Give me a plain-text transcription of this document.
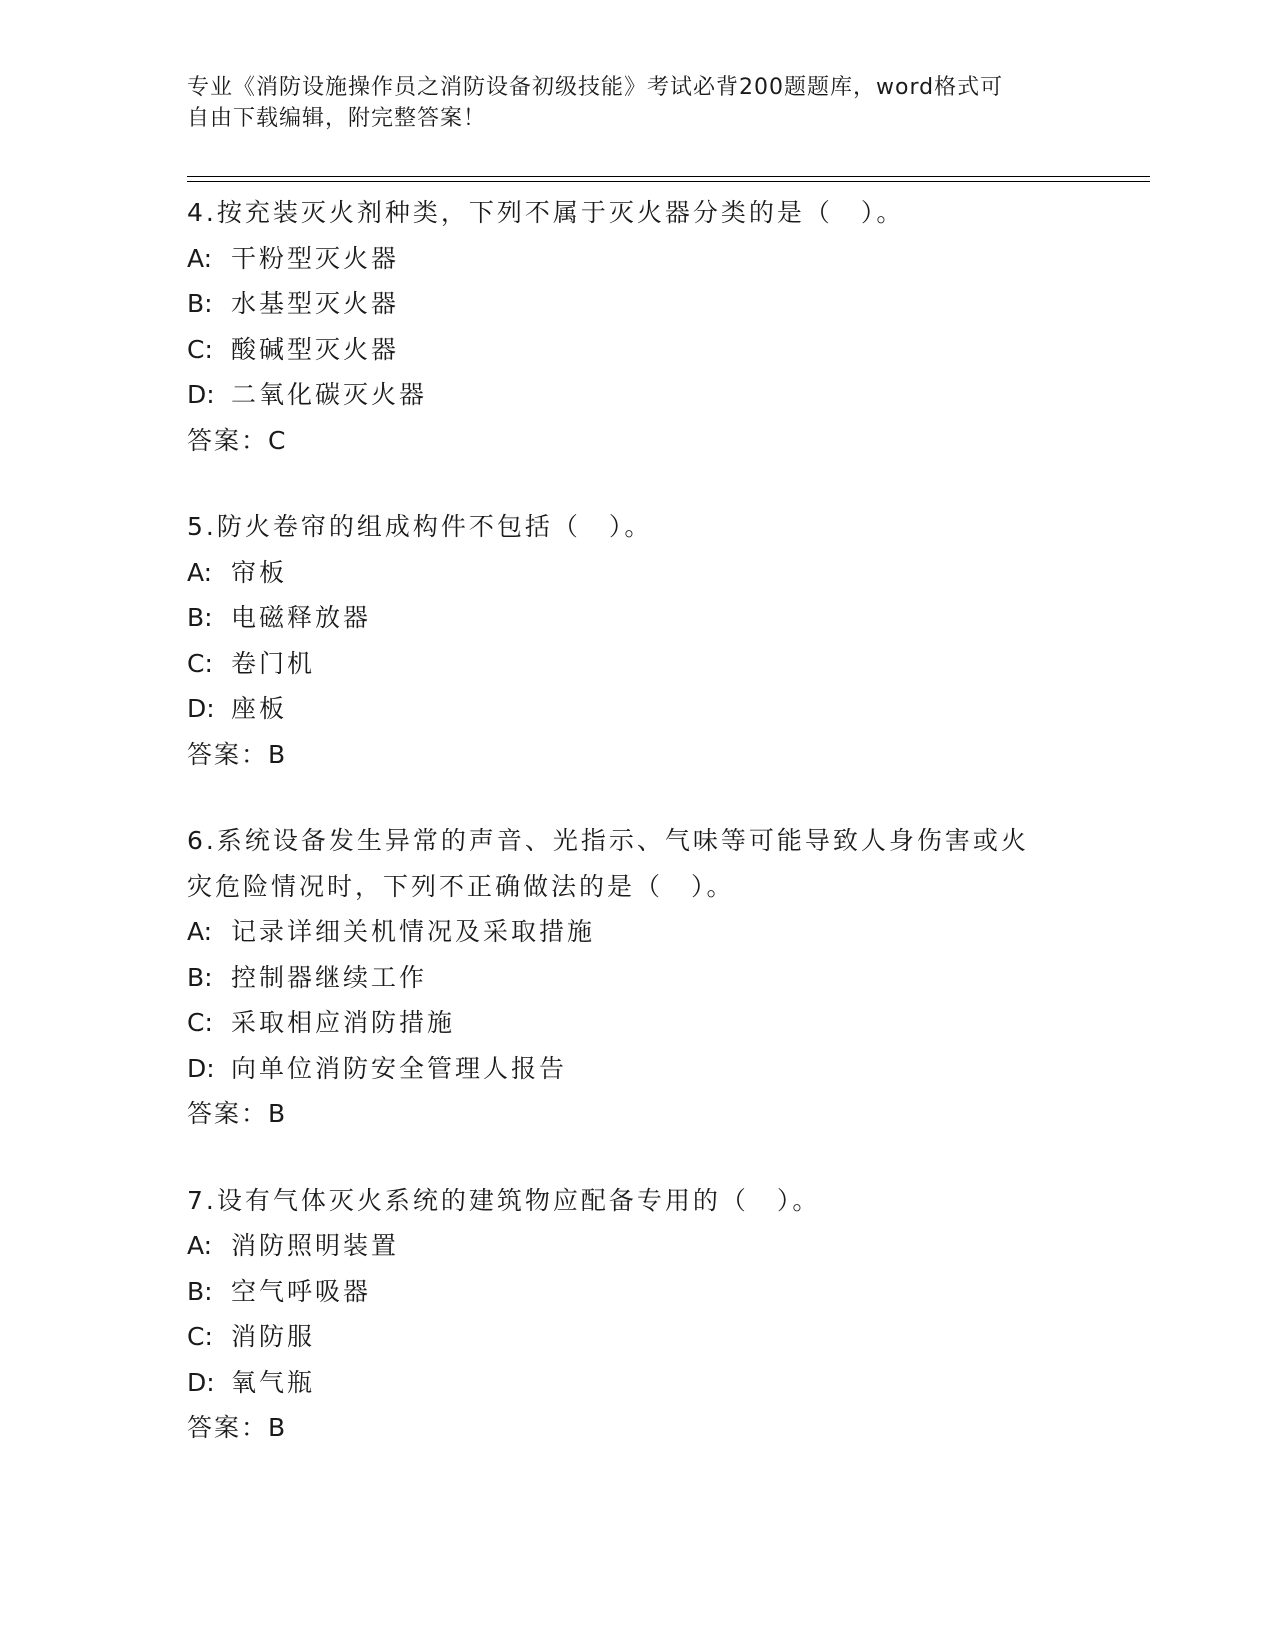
专业《消防设施操作员之消防设备初级技能》考试必背200题题库，word格式可
自由下载编辑，附完整答案！
4.按充装灭火剂种类，下列不属于灭火器分类的是（　）。
A: 干粉型灭火器
B: 水基型灭火器
C: 酸碱型灭火器
D: 二氧化碳灭火器
答案：C
5.防火卷帘的组成构件不包括（　）。
A: 帘板
B: 电磁释放器
C: 卷门机
D: 座板
答案：B
6.系统设备发生异常的声音、光指示、气味等可能导致人身伤害或火
灾危险情况时，下列不正确做法的是（　）。
A: 记录详细关机情况及采取措施
B: 控制器继续工作
C: 采取相应消防措施
D: 向单位消防安全管理人报告
答案：B
7.设有气体灭火系统的建筑物应配备专用的（　）。
A: 消防照明装置
B: 空气呼吸器
C: 消防服
D: 氧气瓶
答案：B
